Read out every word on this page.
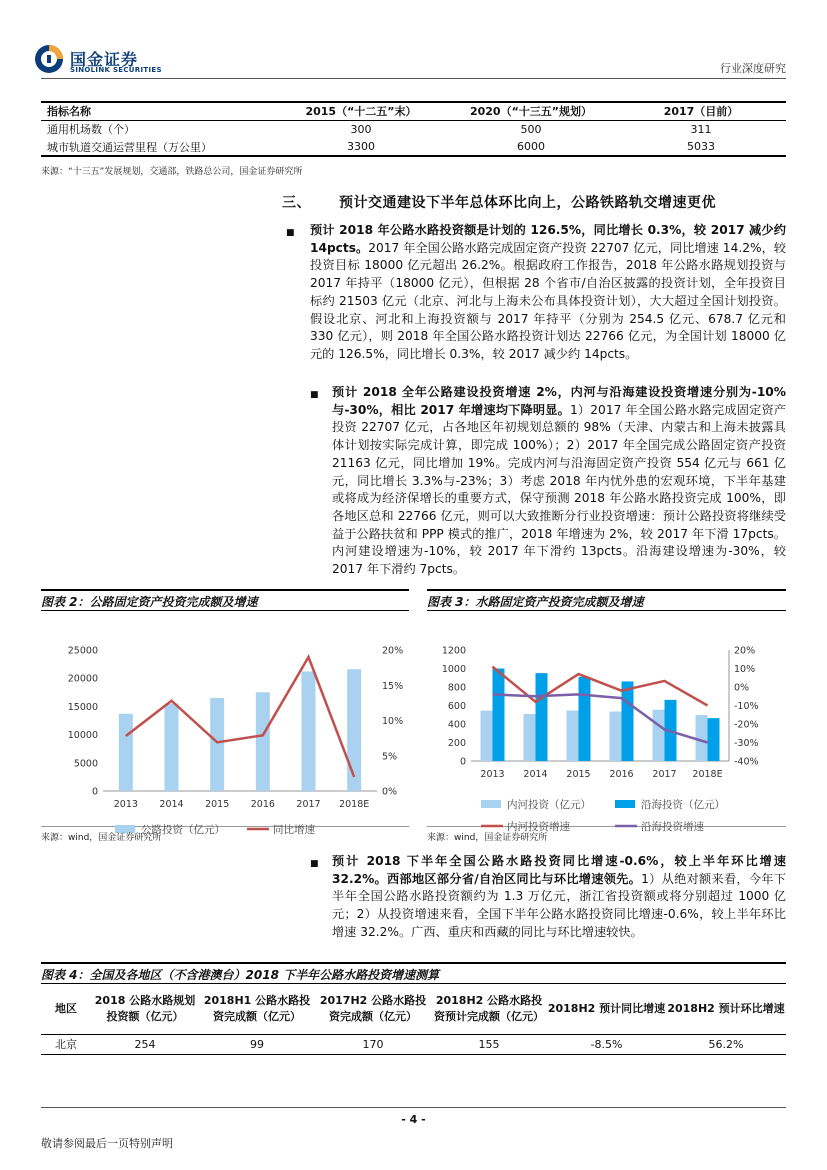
国金证券
SINOLINK SECURITIES	行业深度研究
指标名称	2015（“十二五”末）	2020（“十三五”规划）	2017（目前）
通用机场数（个）	300	500	311
城市轨道交通运营里程（万公里）	3300	6000	5033
来源：“十三五”发展规划，交通部，铁路总公司，国金证券研究所
三、 预计交通建设下半年总体环比向上，公路铁路轨交增速更优
■ 预计 2018 年公路水路投资额是计划的 126.5%，同比增长 0.3%，较 2017 减少约 14pcts。2017 年全国公路水路完成固定资产投资 22707 亿元，同比增速 14.2%，较投资目标 18000 亿元超出 26.2%。根据政府工作报告，2018 年公路水路规划投资与 2017 年持平（18000 亿元），但根据 28 个省市/自治区披露的投资计划，全年投资目标约 21503 亿元（北京、河北与上海未公布具体投资计划），大大超过全国计划投资。假设北京、河北和上海投资额与 2017 年持平（分别为 254.5 亿元、678.7 亿元和 330 亿元），则 2018 年全国公路水路投资计划达 22766 亿元，为全国计划 18000 亿元的 126.5%，同比增长 0.3%，较 2017 减少约 14pcts。
■ 预计 2018 全年公路建设投资增速 2%，内河与沿海建设投资增速分别为-10%与-30%，相比 2017 年增速均下降明显。1）2017 年全国公路水路完成固定资产投资 22707 亿元，占各地区年初规划总额的 98%（天津、内蒙古和上海未披露具体计划按实际完成计算，即完成 100%）；2）2017 年全国完成公路固定资产投资 21163 亿元，同比增加 19%。完成内河与沿海固定资产投资 554 亿元与 661 亿元，同比增长 3.3%与-23%；3）考虑 2018 年内忧外患的宏观环境，下半年基建或将成为经济保增长的重要方式，保守预测 2018 年公路水路投资完成 100%，即各地区总和 22766 亿元，则可以大致推断分行业投资增速：预计公路投资将继续受益于公路扶贫和 PPP 模式的推广，2018 年增速为 2%，较 2017 年下滑 17pcts。内河建设增速为-10%，较 2017 年下滑约 13pcts。沿海建设增速为-30%，较 2017 年下滑约 7pcts。
图表 2：公路固定资产投资完成额及增速
0
5000
10000
15000
20000
25000
0%
5%
10%
15%
20%
2013 2014 2015 2016 2017 2018E
公路投资（亿元）	同比增速
来源：wind，国金证券研究所
图表 3：水路固定资产投资完成额及增速
0
200
400
600
800
1000
1200
-40%
-30%
-20%
-10%
0%
10%
20%
2013 2014 2015 2016 2017 2018E
内河投资（亿元）	沿海投资（亿元）
内河投资增速	沿海投资增速
来源：wind，国金证券研究所
■ 预计 2018 下半年全国公路水路投资同比增速-0.6%，较上半年环比增速 32.2%。西部地区部分省/自治区同比与环比增速领先。1）从绝对额来看，今年下半年全国公路水路投资额约为 1.3 万亿元，浙江省投资额或将分别超过 1000 亿元；2）从投资增速来看，全国下半年公路水路投资同比增速-0.6%，较上半年环比增速 32.2%。广西、重庆和西藏的同比与环比增速较快。
图表 4：全国及各地区（不含港澳台）2018 下半年公路水路投资增速测算
地区	2018 公路水路规划投资额（亿元）	2018H1 公路水路投资完成额（亿元）	2017H2 公路水路投资完成额（亿元）	2018H2 公路水路投资预计完成额（亿元）	2018H2 预计同比增速	2018H2 预计环比增速
北京	254	99	170	155	-8.5%	56.2%
- 4 -
敬请参阅最后一页特别声明
